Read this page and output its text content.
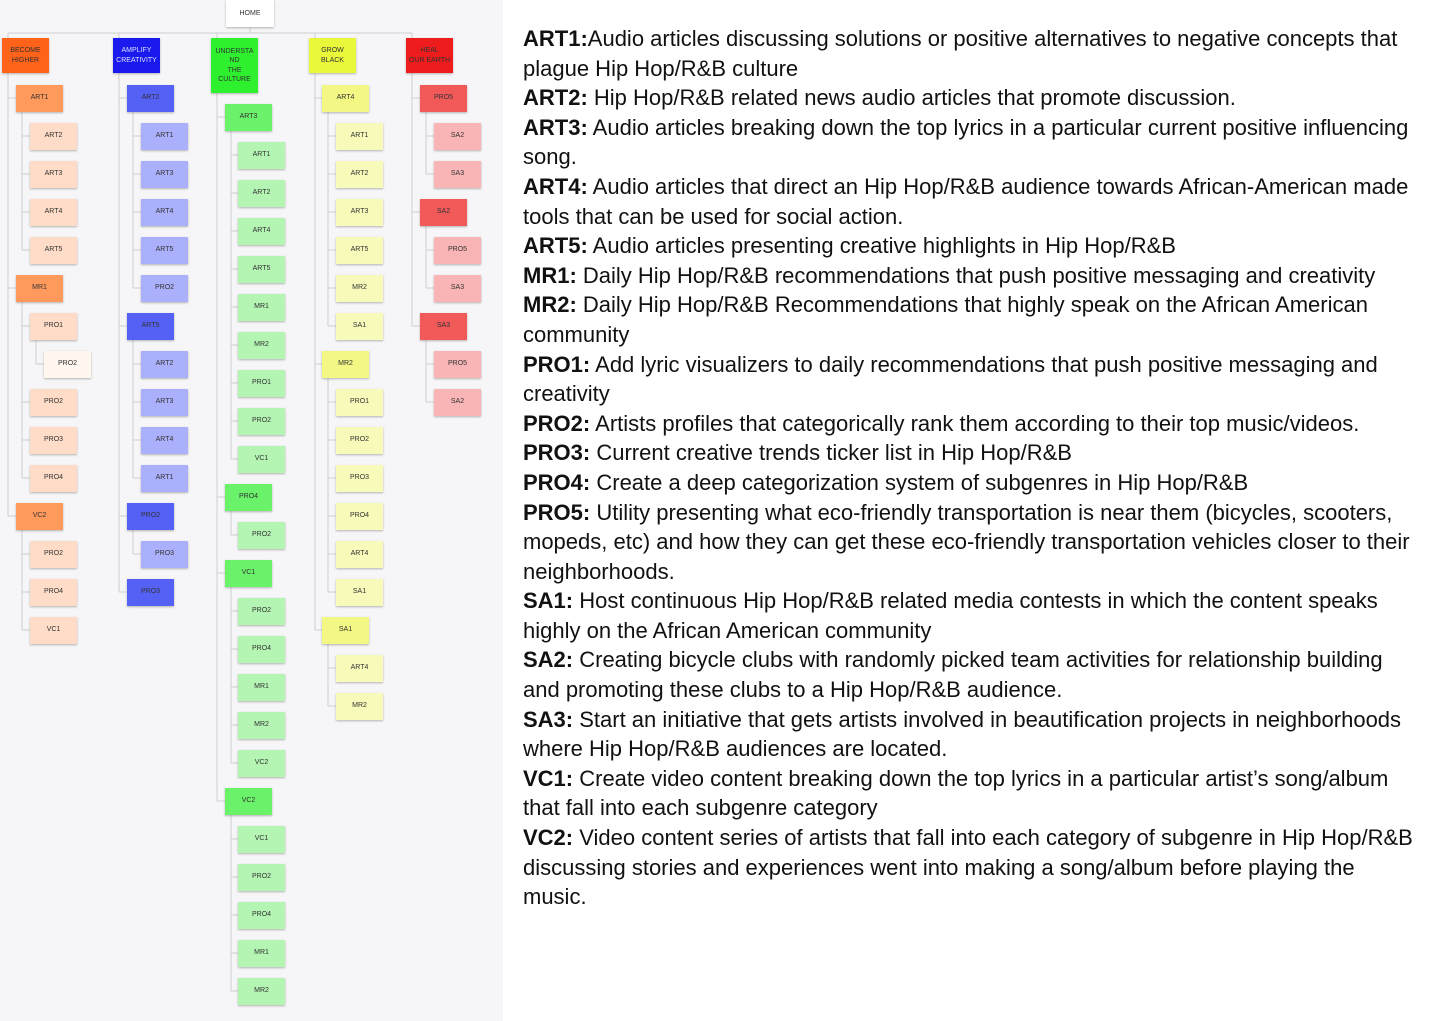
HOME
BECOME
HIGHER
ART1
ART2
ART3
ART4
ART5
MR1
PRO1
PRO2
PRO2
PRO3
PRO4
VC2
PRO2
PRO4
VC1
AMPLIFY
CREATIVITY
ART2
ART1
ART3
ART4
ART5
PRO2
ART5
ART2
ART3
ART4
ART1
PRO2
PRO3
PRO3
UNDERSTA
ND
THE
CULTURE
ART3
ART1
ART2
ART4
ART5
MR1
MR2
PRO1
PRO2
VC1
PRO4
PRO2
VC1
PRO2
PRO4
MR1
MR2
VC2
VC2
VC1
PRO2
PRO4
MR1
MR2
GROW
BLACK
ART4
ART1
ART2
ART3
ART5
MR2
SA1
MR2
PRO1
PRO2
PRO3
PRO4
ART4
SA1
SA1
ART4
MR2
HEAL
OUR EARTH
PRO5
SA2
SA3
SA2
PRO5
SA3
SA3
PRO5
SA2
ART1:Audio articles discussing solutions or positive alternatives to negative concepts that plague Hip Hop/R&B culture
ART2: Hip Hop/R&B related news audio articles that promote discussion.
ART3: Audio articles breaking down the top lyrics in a particular current positive influencing song.
ART4: Audio articles that direct an Hip Hop/R&B audience towards African-American made tools that can be used for social action.
ART5: Audio articles presenting creative highlights in Hip Hop/R&B
MR1: Daily Hip Hop/R&B recommendations that push positive messaging and creativity
MR2: Daily Hip Hop/R&B Recommendations that highly speak on the African American community
PRO1: Add lyric visualizers to daily recommendations that push positive messaging and creativity
PRO2: Artists profiles that categorically rank them according to their top music/videos.
PRO3: Current creative trends ticker list in Hip Hop/R&B
PRO4: Create a deep categorization system of subgenres in Hip Hop/R&B
PRO5: Utility presenting what eco-friendly transportation is near them (bicycles, scooters, mopeds, etc) and how they can get these eco-friendly transportation vehicles closer to their neighborhoods.
SA1: Host continuous Hip Hop/R&B related media contests in which the content speaks highly on the African American community
SA2: Creating bicycle clubs with randomly picked team activities for relationship building and promoting these clubs to a Hip Hop/R&B audience.
SA3: Start an initiative that gets artists involved in beautification projects in neighborhoods where Hip Hop/R&B audiences are located.
VC1: Create video content breaking down the top lyrics in a particular artist’s song/album that fall into each subgenre category
VC2: Video content series of artists that fall into each category of subgenre in Hip Hop/R&B discussing stories and experiences went into making a song/album before playing the music.
